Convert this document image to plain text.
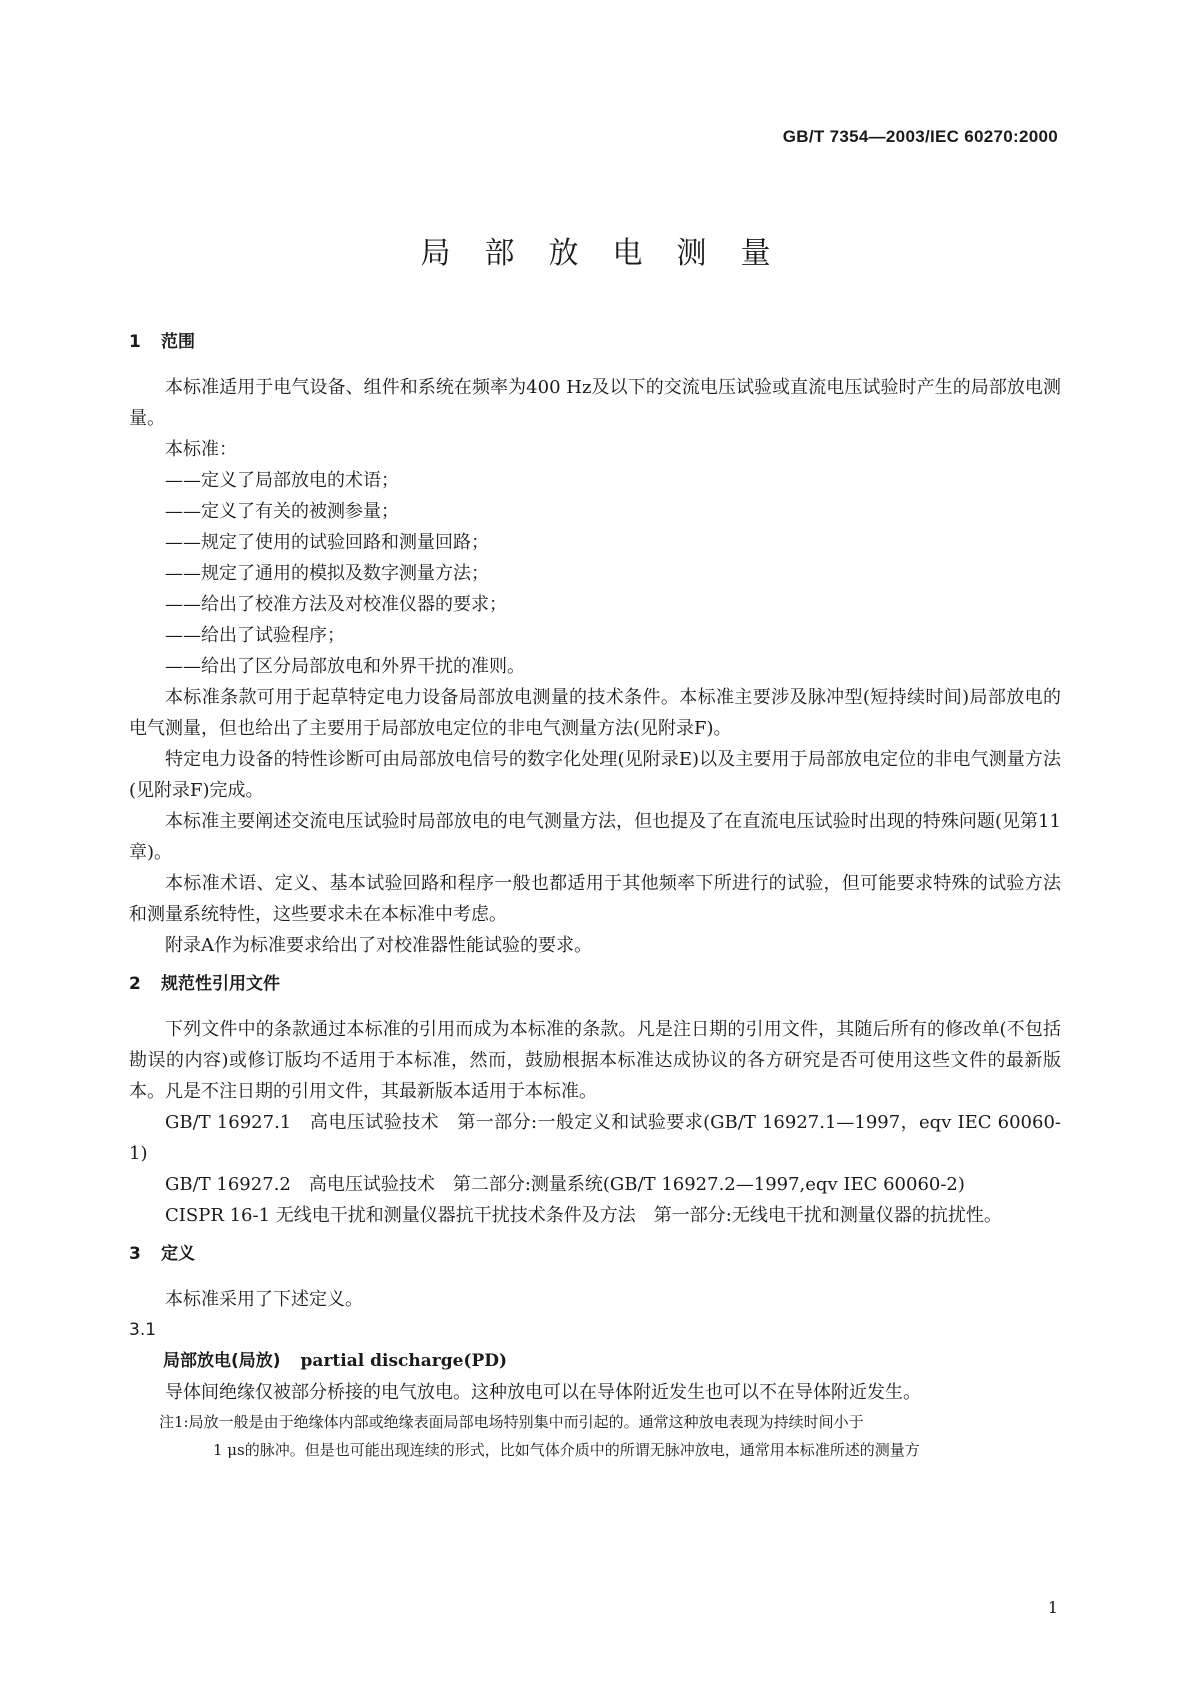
GB/T 7354—2003/IEC 60270:2000
局部放电测量

1 范围

本标准适用于电气设备、组件和系统在频率为400 Hz及以下的交流电压试验或直流电压试验时产生的局部放电测量。

本标准：

——定义了局部放电的术语；

——定义了有关的被测参量；

——规定了使用的试验回路和测量回路；

——规定了通用的模拟及数字测量方法；

——给出了校准方法及对校准仪器的要求；

——给出了试验程序；

——给出了区分局部放电和外界干扰的准则。

本标准条款可用于起草特定电力设备局部放电测量的技术条件。本标准主要涉及脉冲型(短持续时间)局部放电的电气测量，但也给出了主要用于局部放电定位的非电气测量方法(见附录F)。

特定电力设备的特性诊断可由局部放电信号的数字化处理(见附录E)以及主要用于局部放电定位的非电气测量方法(见附录F)完成。

本标准主要阐述交流电压试验时局部放电的电气测量方法，但也提及了在直流电压试验时出现的特殊问题(见第11章)。

本标准术语、定义、基本试验回路和程序一般也都适用于其他频率下所进行的试验，但可能要求特殊的试验方法和测量系统特性，这些要求未在本标准中考虑。

附录A作为标准要求给出了对校准器性能试验的要求。

2 规范性引用文件

下列文件中的条款通过本标准的引用而成为本标准的条款。凡是注日期的引用文件，其随后所有的修改单(不包括勘误的内容)或修订版均不适用于本标准，然而，鼓励根据本标准达成协议的各方研究是否可使用这些文件的最新版本。凡是不注日期的引用文件，其最新版本适用于本标准。

GB/T 16927.1　高电压试验技术　第一部分:一般定义和试验要求(GB/T 16927.1—1997，eqv IEC 60060-1)

GB/T 16927.2　高电压试验技术　第二部分:测量系统(GB/T 16927.2—1997,eqv IEC 60060-2)

CISPR 16-1 无线电干扰和测量仪器抗干扰技术条件及方法　第一部分:无线电干扰和测量仪器的抗扰性。

3 定义

本标准采用了下述定义。

3.1

局部放电(局放) partial discharge(PD)

导体间绝缘仅被部分桥接的电气放电。这种放电可以在导体附近发生也可以不在导体附近发生。

注1:局放一般是由于绝缘体内部或绝缘表面局部电场特别集中而引起的。通常这种放电表现为持续时间小于

1 μs的脉冲。但是也可能出现连续的形式，比如气体介质中的所谓无脉冲放电，通常用本标准所述的测量方

1
